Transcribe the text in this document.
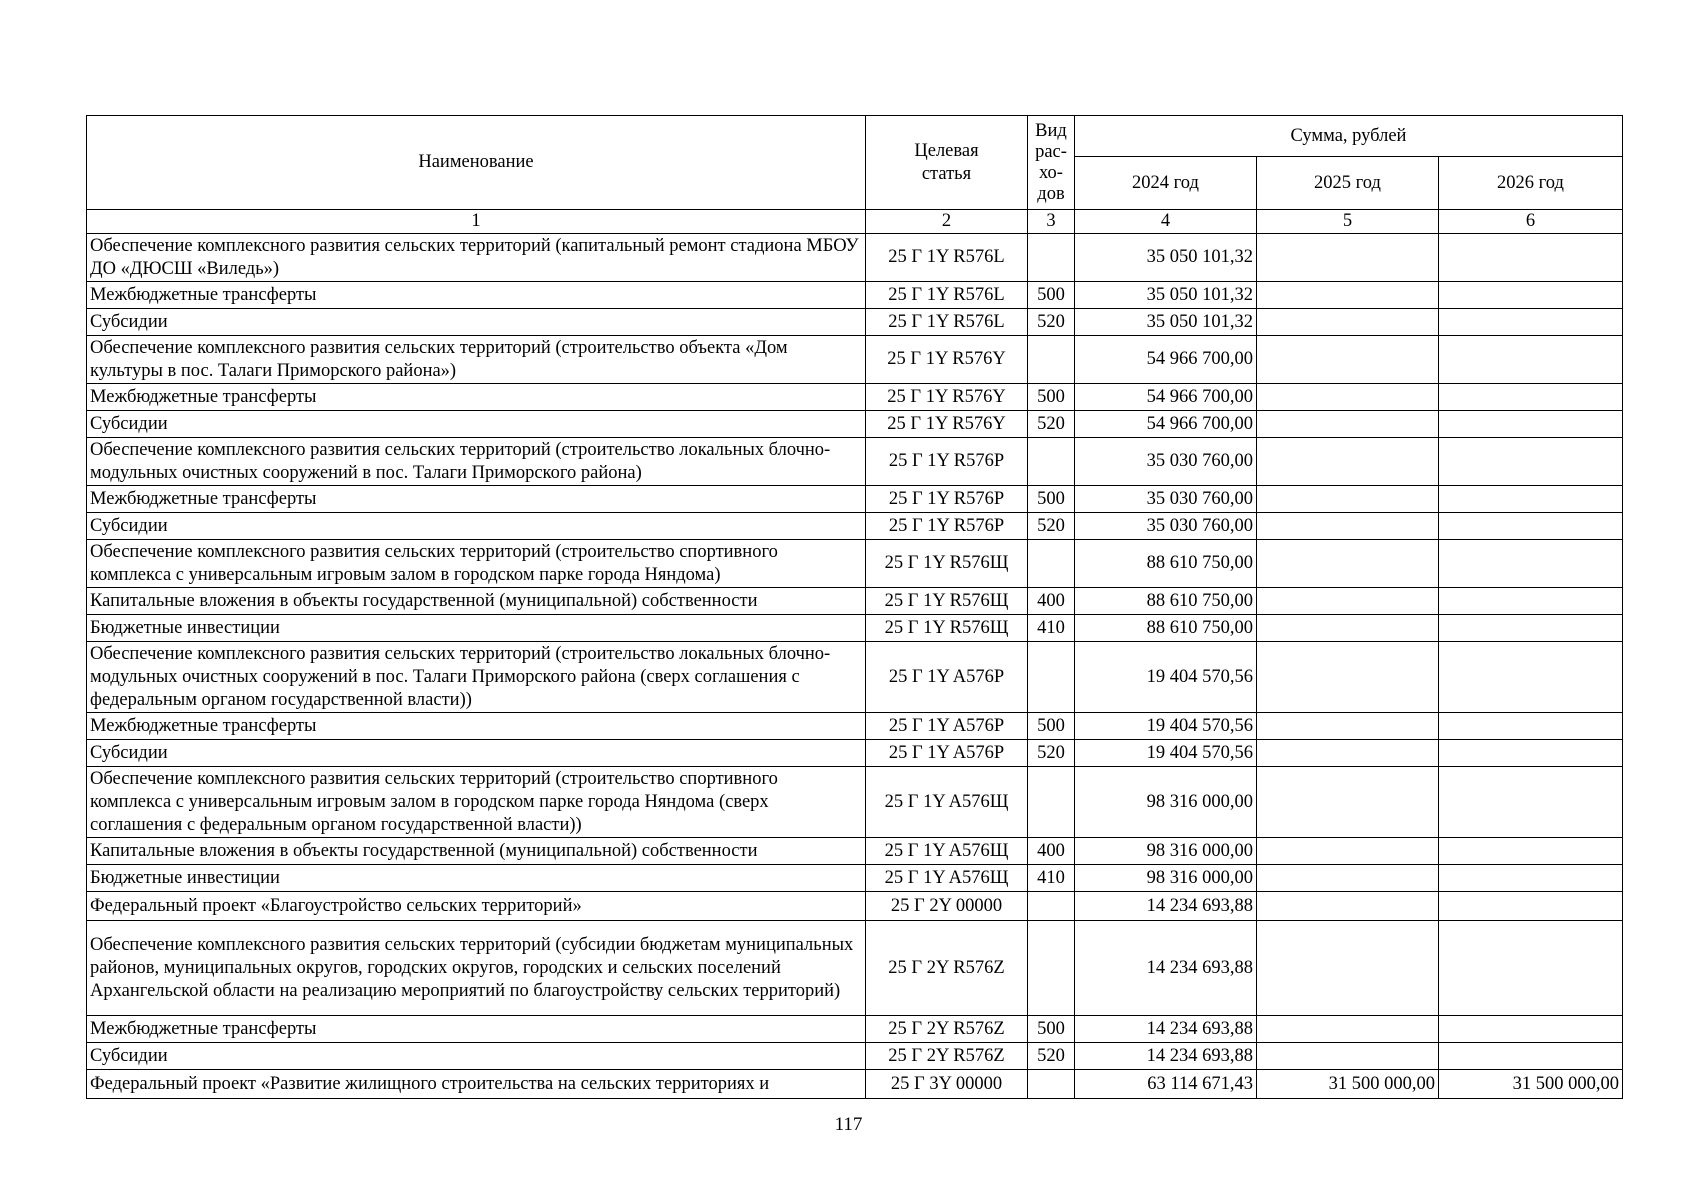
Наименование	Целевая статья	Вид рас-хо-дов	Сумма, рублей		
			2024 год	2025 год	2026 год
1	2	3	4	5	6
Обеспечение комплексного развития сельских территорий (капитальный ремонт стадиона МБОУ ДО «ДЮСШ «Виледь»)	25 Г 1Y R576L		35 050 101,32		
Межбюджетные трансферты	25 Г 1Y R576L	500	35 050 101,32		
Субсидии	25 Г 1Y R576L	520	35 050 101,32		
Обеспечение комплексного развития сельских территорий (строительство объекта «Дом культуры в пос. Талаги Приморского района»)	25 Г 1Y R576Y		54 966 700,00		
Межбюджетные трансферты	25 Г 1Y R576Y	500	54 966 700,00		
Субсидии	25 Г 1Y R576Y	520	54 966 700,00		
Обеспечение комплексного развития сельских территорий (строительство локальных блочно-модульных очистных сооружений в пос. Талаги Приморского района)	25 Г 1Y R576P		35 030 760,00		
Межбюджетные трансферты	25 Г 1Y R576P	500	35 030 760,00		
Субсидии	25 Г 1Y R576P	520	35 030 760,00		
Обеспечение комплексного развития сельских территорий (строительство спортивного комплекса с универсальным игровым залом в городском парке города Няндома)	25 Г 1Y R576Щ		88 610 750,00		
Капитальные вложения в объекты государственной (муниципальной) собственности	25 Г 1Y R576Щ	400	88 610 750,00		
Бюджетные инвестиции	25 Г 1Y R576Щ	410	88 610 750,00		
Обеспечение комплексного развития сельских территорий (строительство локальных блочно-модульных очистных сооружений в пос. Талаги Приморского района (сверх соглашения с федеральным органом государственной власти))	25 Г 1Y A576P		19 404 570,56		
Межбюджетные трансферты	25 Г 1Y A576P	500	19 404 570,56		
Субсидии	25 Г 1Y A576P	520	19 404 570,56		
Обеспечение комплексного развития сельских территорий (строительство спортивного комплекса с универсальным игровым залом в городском парке города Няндома (сверх соглашения с федеральным органом государственной власти))	25 Г 1Y A576Щ		98 316 000,00		
Капитальные вложения в объекты государственной (муниципальной) собственности	25 Г 1Y A576Щ	400	98 316 000,00		
Бюджетные инвестиции	25 Г 1Y A576Щ	410	98 316 000,00		
Федеральный проект «Благоустройство сельских территорий»	25 Г 2Y 00000		14 234 693,88		
Обеспечение комплексного развития сельских территорий (субсидии бюджетам муниципальных районов, муниципальных округов, городских округов, городских и сельских поселений Архангельской области на реализацию мероприятий по благоустройству сельских территорий)	25 Г 2Y R576Z		14 234 693,88		
Межбюджетные трансферты	25 Г 2Y R576Z	500	14 234 693,88		
Субсидии	25 Г 2Y R576Z	520	14 234 693,88		
Федеральный проект «Развитие жилищного строительства на сельских территориях и	25 Г 3Y 00000		63 114 671,43	31 500 000,00	31 500 000,00
117
